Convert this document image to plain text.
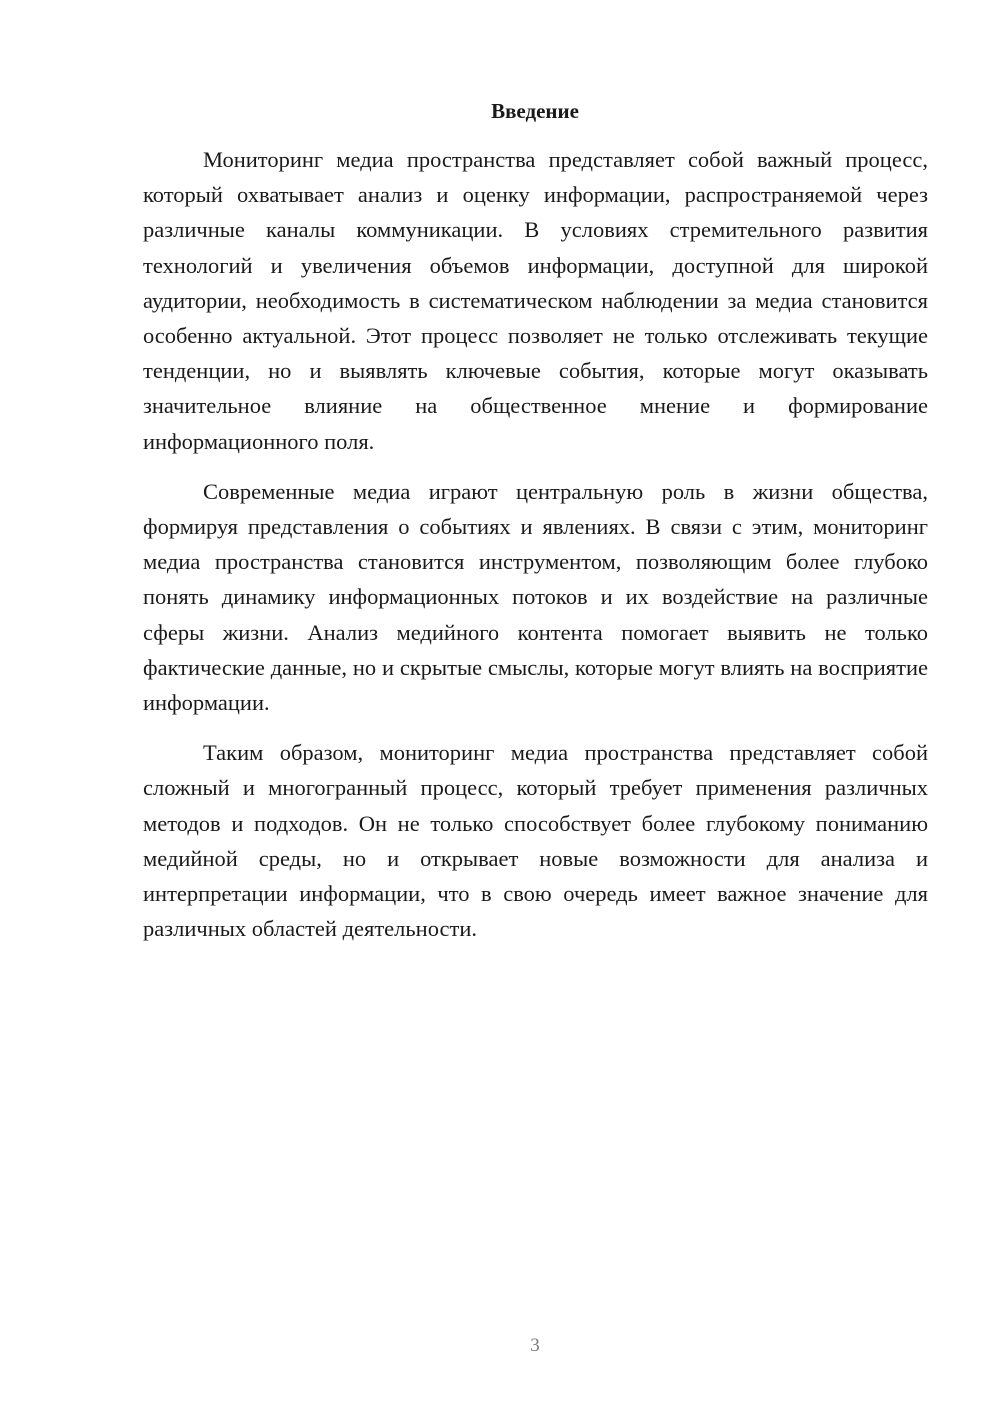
Введение

Мониторинг медиа пространства представляет собой важный процесс, который охватывает анализ и оценку информации, распространяемой через различные каналы коммуникации. В условиях стремительного развития технологий и увеличения объемов информации, доступной для широкой аудитории, необходимость в систематическом наблюдении за медиа становится особенно актуальной. Этот процесс позволяет не только отслеживать текущие тенденции, но и выявлять ключевые события, которые могут оказывать значительное влияние на общественное мнение и формирование информационного поля.

Современные медиа играют центральную роль в жизни общества, формируя представления о событиях и явлениях. В связи с этим, мониторинг медиа пространства становится инструментом, позволяющим более глубоко понять динамику информационных потоков и их воздействие на различные сферы жизни. Анализ медийного контента помогает выявить не только фактические данные, но и скрытые смыслы, которые могут влиять на восприятие информации.

Таким образом, мониторинг медиа пространства представляет собой сложный и многогранный процесс, который требует применения различных методов и подходов. Он не только способствует более глубокому пониманию медийной среды, но и открывает новые возможности для анализа и интерпретации информации, что в свою очередь имеет важное значение для различных областей деятельности.

3
